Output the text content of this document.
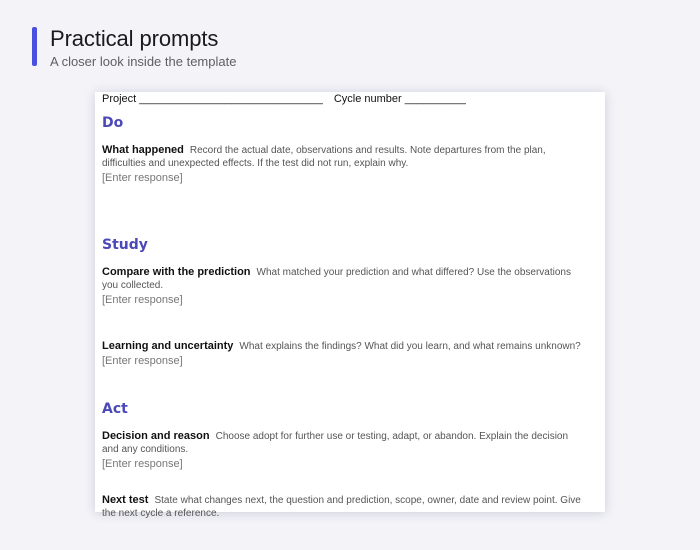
Practical prompts
A closer look inside the template
Project ______________________________ Cycle number __________
Do
What happened Record the actual date, observations and results. Note departures from the plan, difficulties and unexpected effects. If the test did not run, explain why.
[Enter response]
Study
Compare with the prediction What matched your prediction and what differed? Use the observations you collected.
[Enter response]
Learning and uncertainty What explains the findings? What did you learn, and what remains unknown?
[Enter response]
Act
Decision and reason Choose adopt for further use or testing, adapt, or abandon. Explain the decision and any conditions.
[Enter response]
Next test State what changes next, the question and prediction, scope, owner, date and review point. Give the next cycle a reference.
